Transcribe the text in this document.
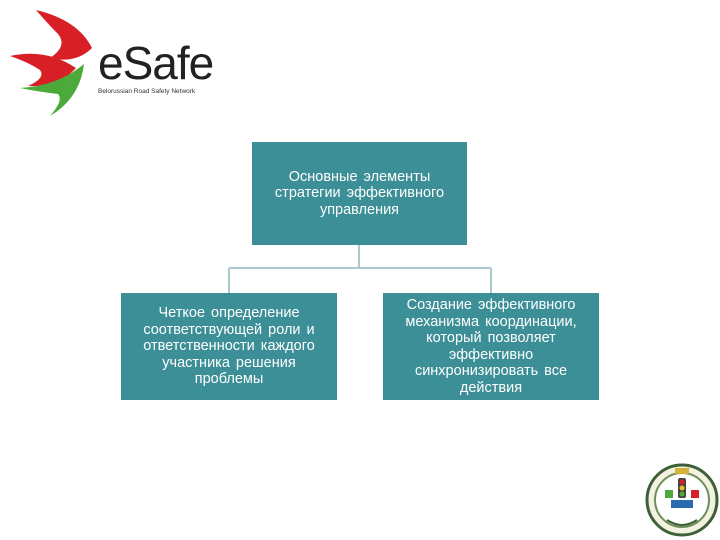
eSafe
Belorussian Road Safety Network
Основные элементы стратегии эффективного управления
Четкое определение соответствующей роли и ответственности каждого участника решения проблемы
Создание эффективного механизма координации, который позволяет эффективно синхронизировать все действия
